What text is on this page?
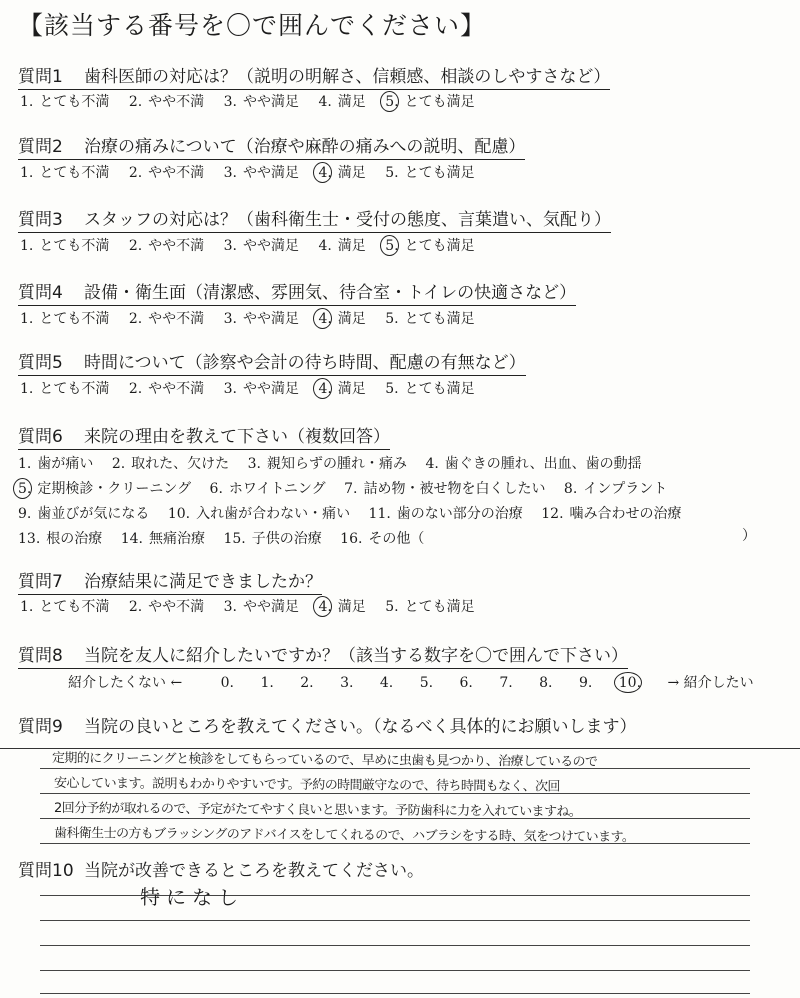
【該当する番号を〇で囲んでください】
質問1 歯科医師の対応は？（説明の明解さ、信頼感、相談のしやすさなど）
1. とても不満 2. やや不満 3. やや満足 4. 満足 5. とても満足
質問2 治療の痛みについて（治療や麻酔の痛みへの説明、配慮）
1. とても不満 2. やや不満 3. やや満足 4. 満足 5. とても満足
質問3 スタッフの対応は？（歯科衛生士・受付の態度、言葉遣い、気配り）
1. とても不満 2. やや不満 3. やや満足 4. 満足 5. とても満足
質問4 設備・衛生面（清潔感、雰囲気、待合室・トイレの快適さなど）
1. とても不満 2. やや不満 3. やや満足 4. 満足 5. とても満足
質問5 時間について（診察や会計の待ち時間、配慮の有無など）
1. とても不満 2. やや不満 3. やや満足 4. 満足 5. とても満足
質問6 来院の理由を教えて下さい（複数回答）
1. 歯が痛い 2. 取れた、欠けた 3. 親知らずの腫れ・痛み 4. 歯ぐきの腫れ、出血、歯の動揺
5. 定期検診・クリーニング 6. ホワイトニング 7. 詰め物・被せ物を白くしたい 8. インプラント
9. 歯並びが気になる 10. 入れ歯が合わない・痛い 11. 歯のない部分の治療 12. 噛み合わせの治療
13. 根の治療 14. 無痛治療 15. 子供の治療 16. その他（	）
質問7 治療結果に満足できましたか？
1. とても不満 2. やや不満 3. やや満足 4. 満足 5. とても満足
質問8 当院を友人に紹介したいですか？（該当する数字を〇で囲んで下さい）
紹介したくない ←	0. 1. 2. 3. 4. 5. 6. 7. 8. 9. 10. → 紹介したい
質問9 当院の良いところを教えてください。（なるべく具体的にお願いします）
定期的にクリーニングと検診をしてもらっているので、早めに虫歯も見つかり、治療しているので
安心しています。説明もわかりやすいです。予約の時間厳守なので、待ち時間もなく、次回
2回分予約が取れるので、予定がたてやすく良いと思います。予防歯科に力を入れていますね。
歯科衛生士の方もブラッシングのアドバイスをしてくれるので、ハブラシをする時、気をつけています。
質問10 当院が改善できるところを教えてください。
特になし
